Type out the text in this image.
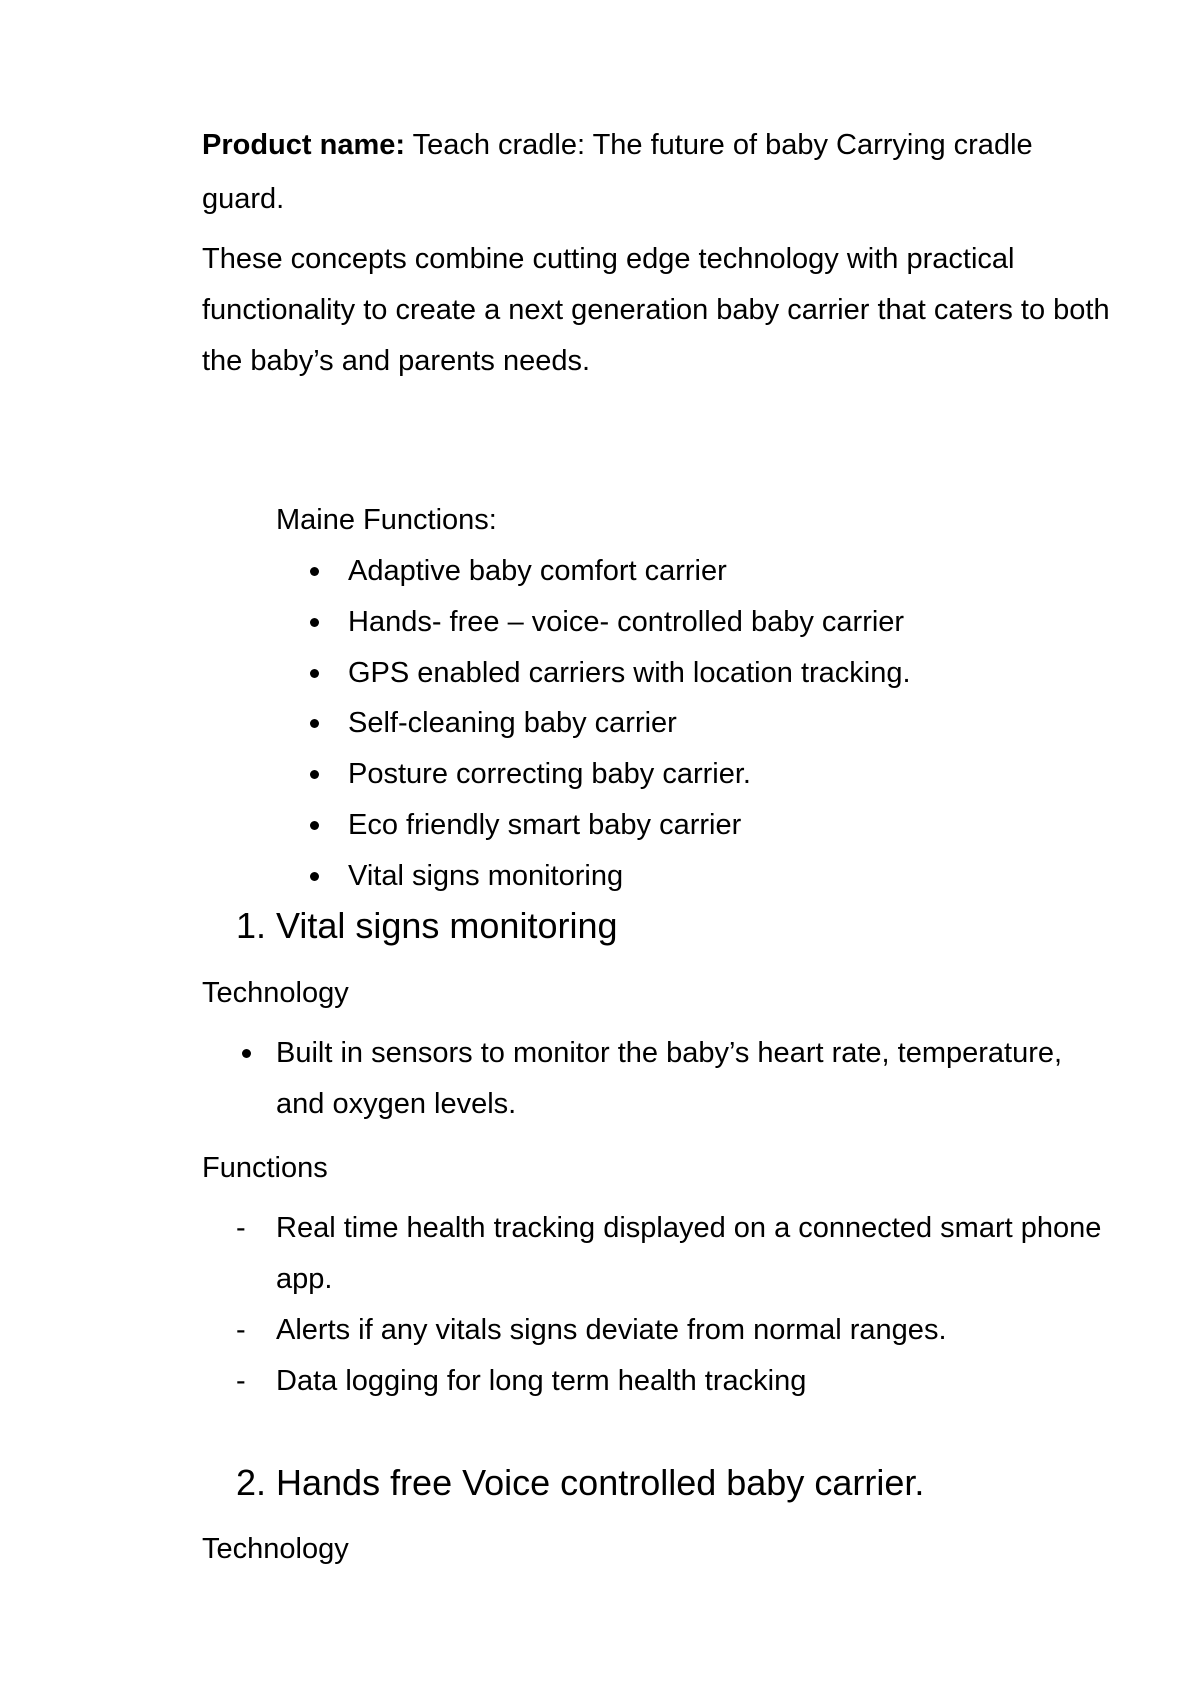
Product name: Teach cradle: The future of baby Carrying cradle guard.
These concepts combine cutting edge technology with practical functionality to create a next generation baby carrier that caters to both the baby’s and parents needs.
Maine Functions:
Adaptive baby comfort carrier
Hands- free – voice- controlled baby carrier
GPS enabled carriers with location tracking.
Self-cleaning baby carrier
Posture correcting baby carrier.
Eco friendly smart baby carrier
Vital signs monitoring
1. Vital signs monitoring
Technology
Built in sensors to monitor the baby’s heart rate, temperature, and oxygen levels.
Functions
- Real time health tracking displayed on a connected smart phone app.
- Alerts if any vitals signs deviate from normal ranges.
- Data logging for long term health tracking
2. Hands free Voice controlled baby carrier.
Technology
